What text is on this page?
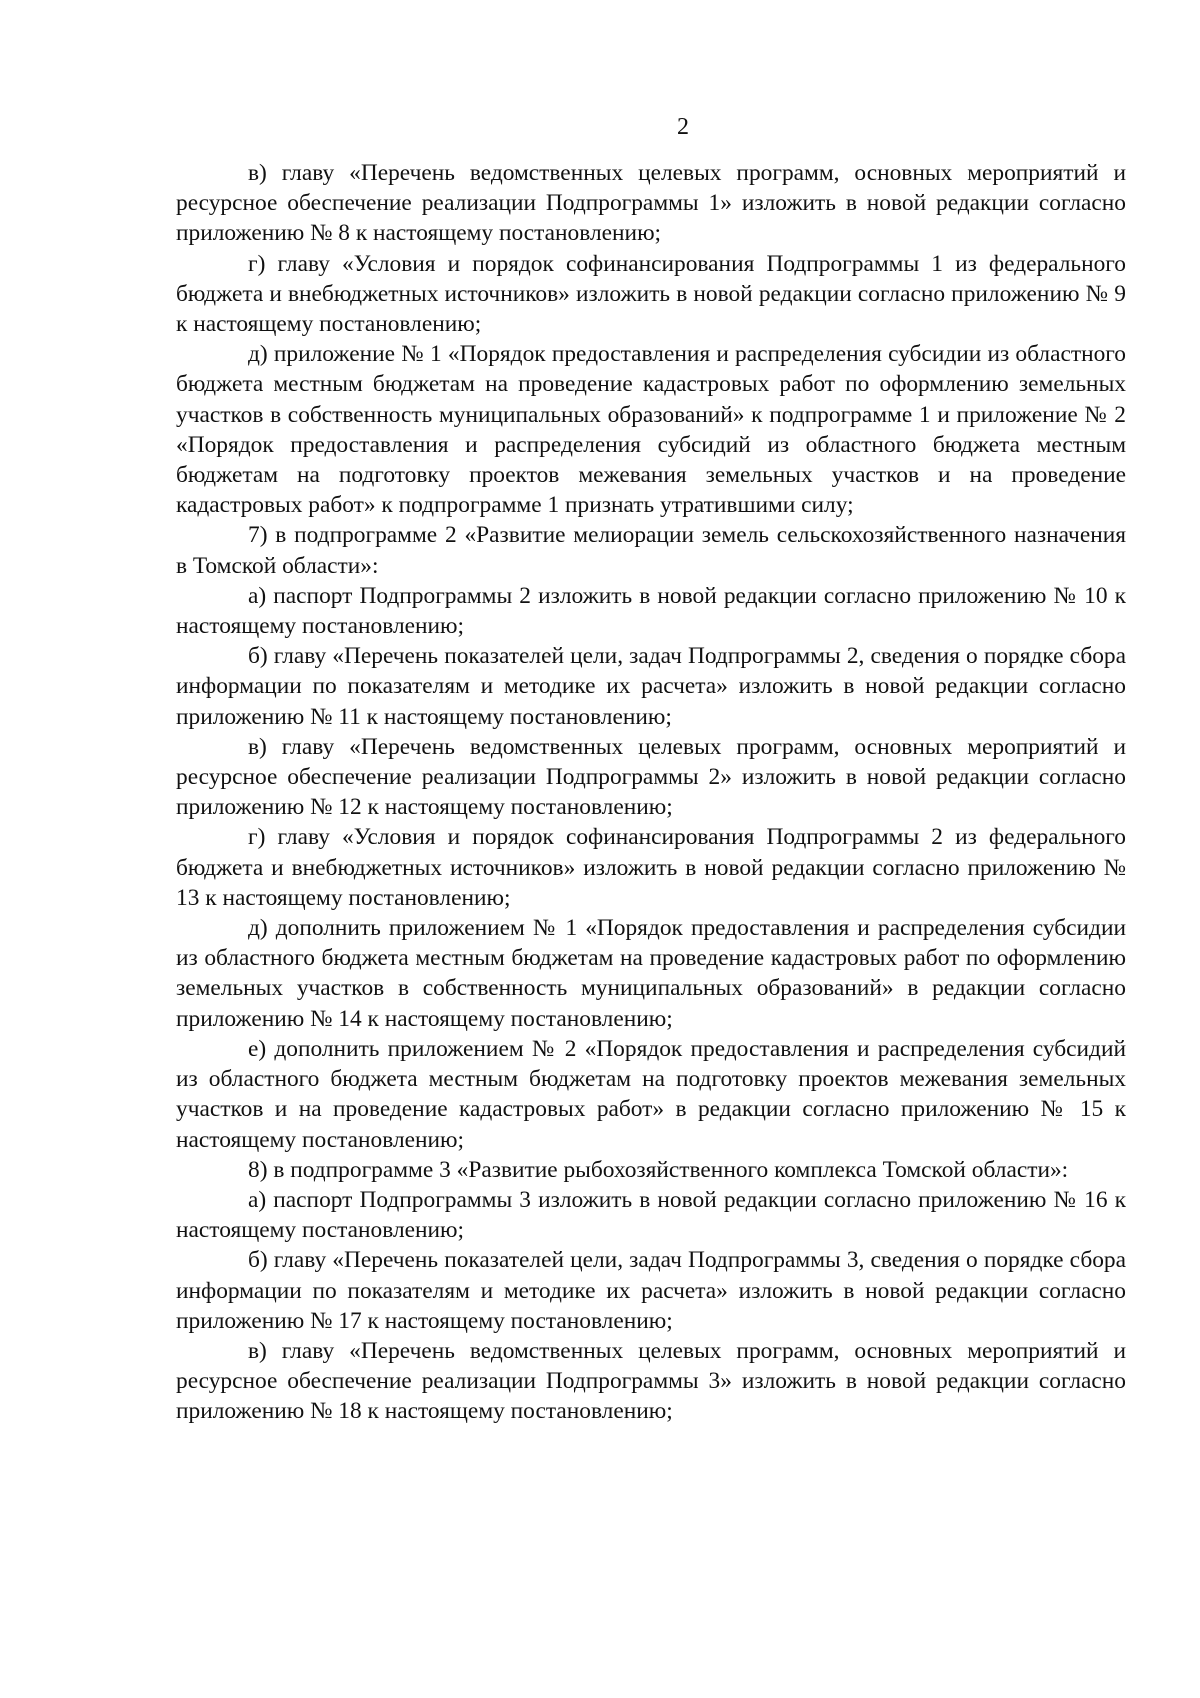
2

в) главу «Перечень ведомственных целевых программ, основных мероприятий и ресурсное обеспечение реализации Подпрограммы 1» изложить в новой редакции согласно приложению № 8 к настоящему постановлению;

г) главу «Условия и порядок софинансирования Подпрограммы 1 из федерального бюджета и внебюджетных источников» изложить в новой редакции согласно приложению № 9 к настоящему постановлению;

д) приложение № 1 «Порядок предоставления и распределения субсидии из областного бюджета местным бюджетам на проведение кадастровых работ по оформлению земельных участков в собственность муниципальных образований» к подпрограмме 1 и приложение № 2 «Порядок предоставления и распределения субсидий из областного бюджета местным бюджетам на подготовку проектов межевания земельных участков и на проведение кадастровых работ» к подпрограмме 1 признать утратившими силу;

7) в подпрограмме 2 «Развитие мелиорации земель сельскохозяйственного назначения в Томской области»:

а) паспорт Подпрограммы 2 изложить в новой редакции согласно приложению № 10 к настоящему постановлению;

б) главу «Перечень показателей цели, задач Подпрограммы 2, сведения о порядке сбора информации по показателям и методике их расчета» изложить в новой редакции согласно приложению № 11 к настоящему постановлению;

в) главу «Перечень ведомственных целевых программ, основных мероприятий и ресурсное обеспечение реализации Подпрограммы 2» изложить в новой редакции согласно приложению № 12 к настоящему постановлению;

г) главу «Условия и порядок софинансирования Подпрограммы 2 из федерального бюджета и внебюджетных источников» изложить в новой редакции согласно приложению № 13 к настоящему постановлению;

д) дополнить приложением № 1 «Порядок предоставления и распределения субсидии из областного бюджета местным бюджетам на проведение кадастровых работ по оформлению земельных участков в собственность муниципальных образований» в редакции согласно приложению № 14 к настоящему постановлению;

е) дополнить приложением № 2 «Порядок предоставления и распределения субсидий из областного бюджета местным бюджетам на подготовку проектов межевания земельных участков и на проведение кадастровых работ» в редакции согласно приложению № 15 к настоящему постановлению;

8) в подпрограмме 3 «Развитие рыбохозяйственного комплекса Томской области»:

а) паспорт Подпрограммы 3 изложить в новой редакции согласно приложению № 16 к настоящему постановлению;

б) главу «Перечень показателей цели, задач Подпрограммы 3, сведения о порядке сбора информации по показателям и методике их расчета» изложить в новой редакции согласно приложению № 17 к настоящему постановлению;

в) главу «Перечень ведомственных целевых программ, основных мероприятий и ресурсное обеспечение реализации Подпрограммы 3» изложить в новой редакции согласно приложению № 18 к настоящему постановлению;
